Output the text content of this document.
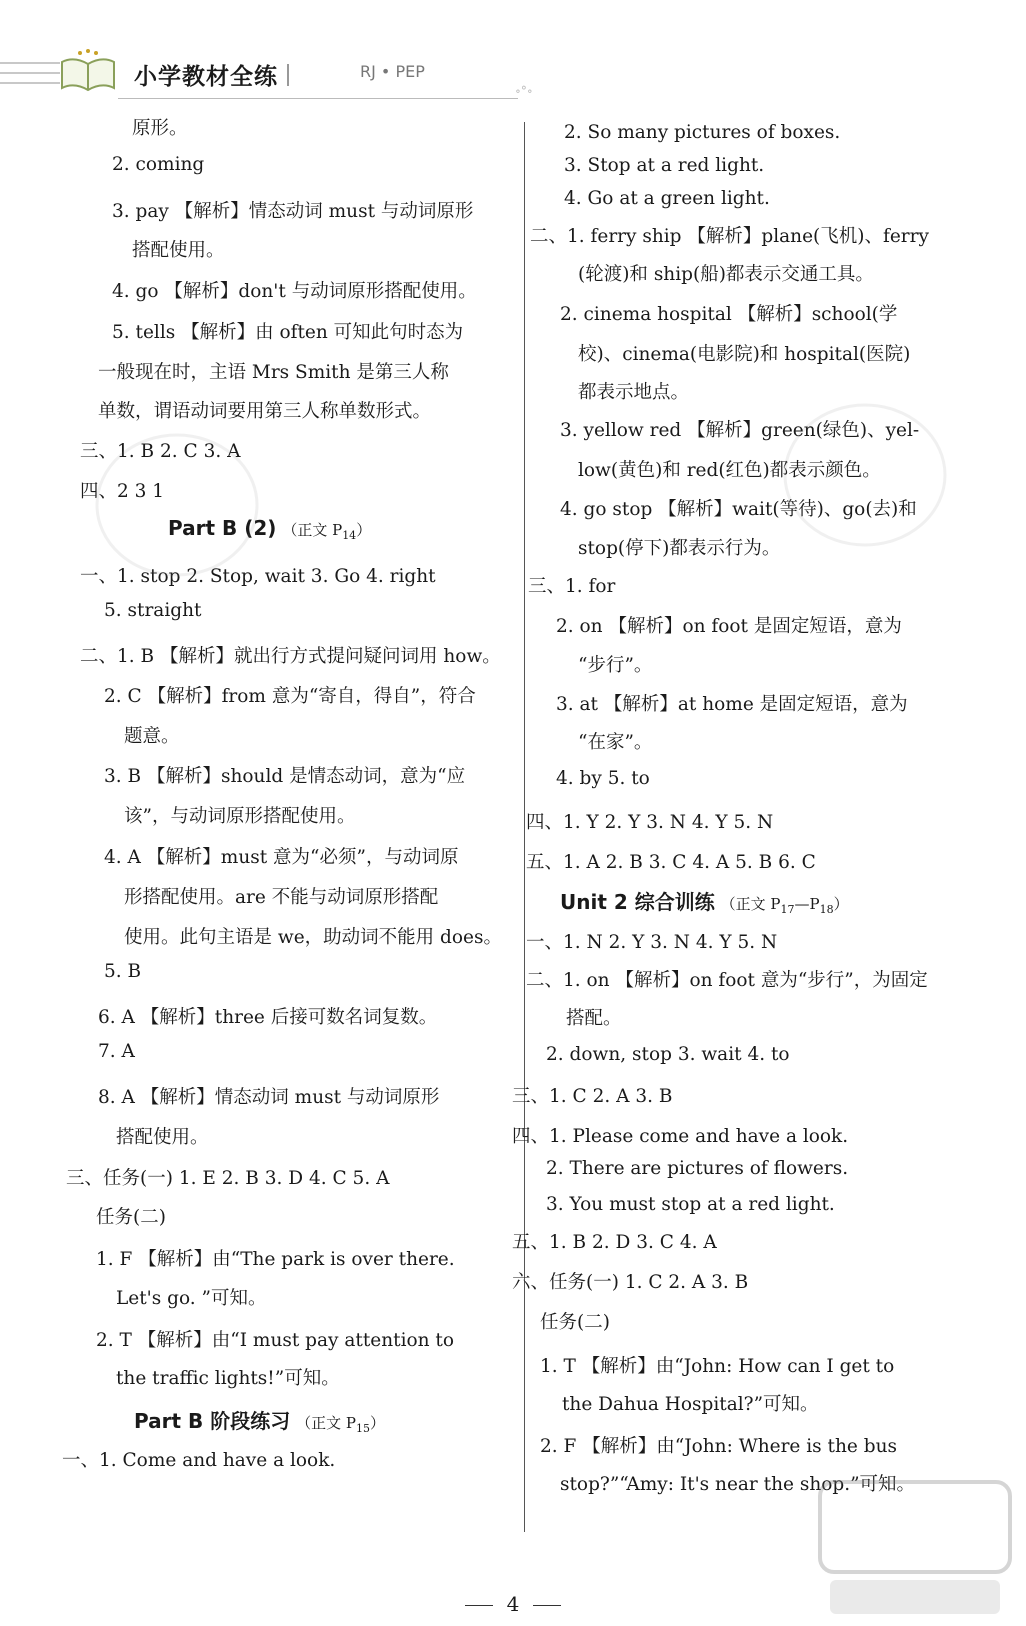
小学教材全练	RJ • PEP
∘°∘
原形。
2. coming
3. pay 【解析】情态动词 must 与动词原形
搭配使用。
4. go 【解析】don't 与动词原形搭配使用。
5. tells 【解析】由 often 可知此句时态为
一般现在时，主语 Mrs Smith 是第三人称
单数，谓语动词要用第三人称单数形式。
三、1. B 2. C 3. A
四、2 3 1
Part B (2) （正文 $P_{14}$）
一、1. stop 2. Stop, wait 3. Go 4. right
5. straight
二、1. B 【解析】就出行方式提问疑问词用 how。
2. C 【解析】from 意为“寄自，得自”，符合
题意。
3. B 【解析】should 是情态动词，意为“应
该”，与动词原形搭配使用。
4. A 【解析】must 意为“必须”，与动词原
形搭配使用。are 不能与动词原形搭配
使用。此句主语是 we，助动词不能用 does。
5. B
6. A 【解析】three 后接可数名词复数。
7. A
8. A 【解析】情态动词 must 与动词原形
搭配使用。
三、任务(一) 1. E 2. B 3. D 4. C 5. A
任务(二)
1. F 【解析】由“The park is over there.
Let's go. ”可知。
2. T 【解析】由“I must pay attention to
the traffic lights!”可知。
Part B 阶段练习 （正文 $P_{15}$）
一、1. Come and have a look.
2. So many pictures of boxes.
3. Stop at a red light.
4. Go at a green light.
二、1. ferry ship 【解析】plane(飞机)、ferry
(轮渡)和 ship(船)都表示交通工具。
2. cinema hospital 【解析】school(学
校)、cinema(电影院)和 hospital(医院)
都表示地点。
3. yellow red 【解析】green(绿色)、yel-
low(黄色)和 red(红色)都表示颜色。
4. go stop 【解析】wait(等待)、go(去)和
stop(停下)都表示行为。
三、1. for
2. on 【解析】on foot 是固定短语，意为
“步行”。
3. at 【解析】at home 是固定短语，意为
“在家”。
4. by 5. to
四、1. Y 2. Y 3. N 4. Y 5. N
五、1. A 2. B 3. C 4. A 5. B 6. C
Unit 2 综合训练 （正文 $P_{17}—P_{18}$）
一、1. N 2. Y 3. N 4. Y 5. N
二、1. on 【解析】on foot 意为“步行”，为固定
搭配。
2. down, stop 3. wait 4. to
三、1. C 2. A 3. B
四、1. Please come and have a look.
2. There are pictures of flowers.
3. You must stop at a red light.
五、1. B 2. D 3. C 4. A
六、任务(一) 1. C 2. A 3. B
任务(二)
1. T 【解析】由“John: How can I get to
the Dahua Hospital?”可知。
2. F 【解析】由“John: Where is the bus
stop?”“Amy: It's near the shop.”可知。
4
